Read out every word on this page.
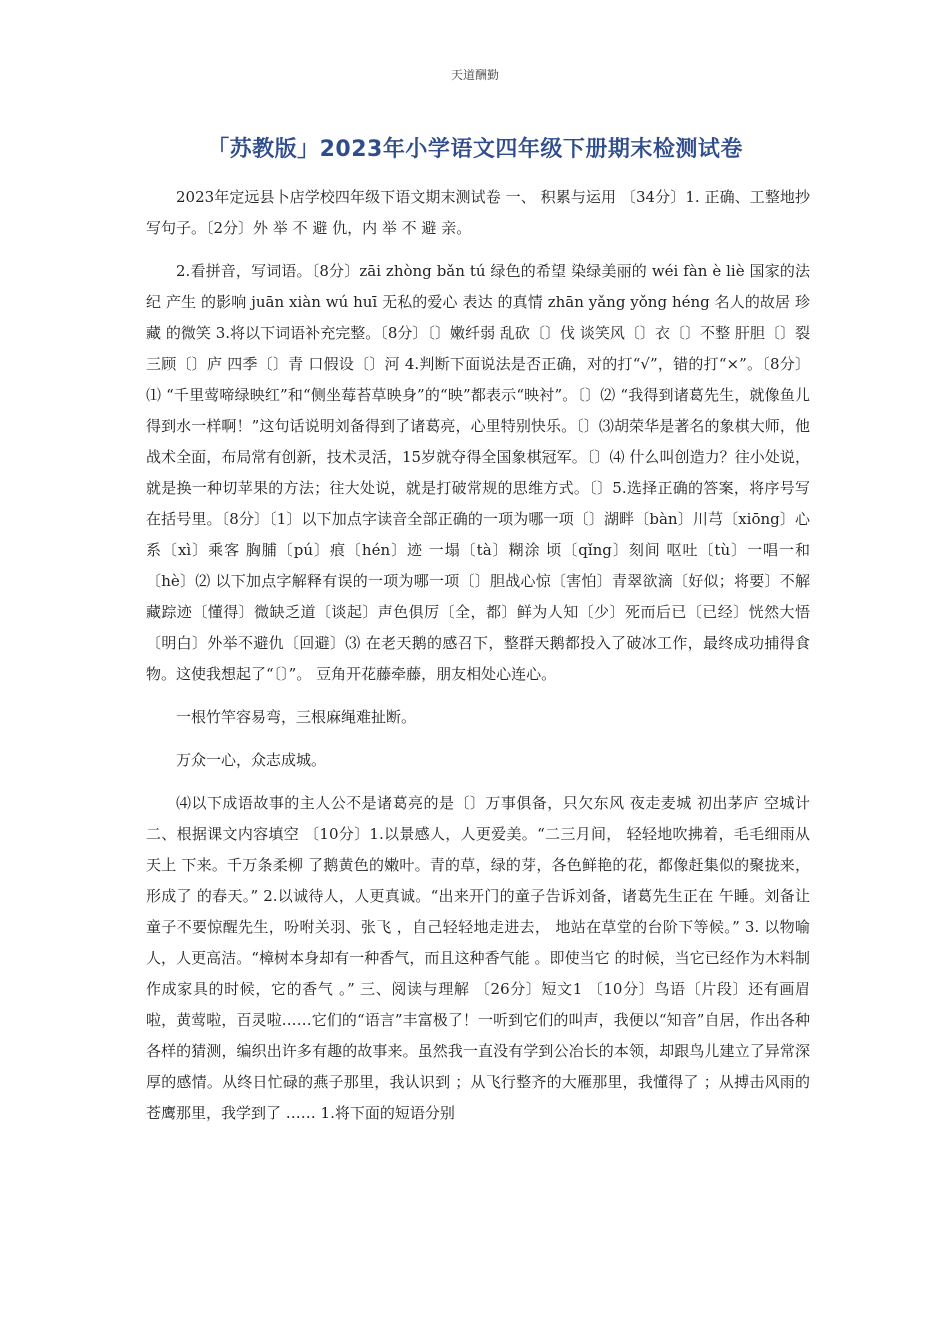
天道酬勤
「苏教版」2023年小学语文四年级下册期末检测试卷

2023年定远县卜店学校四年级下语文期末测试卷 一、 积累与运用 〔34分〕1. 正确、工整地抄写句子。〔2分〕外 举 不 避 仇，内 举 不 避 亲。

2.看拼音，写词语。〔8分〕zāi zhòng bǎn tú 绿色的希望 染绿美丽的 wéi fàn è liè 国家的法纪 产生 的影响 juān xiàn wú huī 无私的爱心 表达 的真情 zhān yǎng yǒng héng 名人的故居 珍藏 的微笑 3.将以下词语补充完整。〔8分〕〔〕嫩纤弱 乱砍〔〕伐 谈笑风〔〕衣〔〕不整 肝胆〔〕裂 三顾〔〕庐 四季〔〕青 口假设〔〕河 4.判断下面说法是否正确，对的打“√”，错的打“×”。〔8分〕⑴ “千里莺啼绿映红”和“侧坐莓苔草映身”的“映”都表示“映衬”。〔〕⑵ “我得到诸葛先生，就像鱼儿得到水一样啊！”这句话说明刘备得到了诸葛亮，心里特别快乐。〔〕⑶胡荣华是著名的象棋大师，他战术全面，布局常有创新，技术灵活，15岁就夺得全国象棋冠军。〔〕⑷ 什么叫创造力？往小处说，就是换一种切苹果的方法；往大处说，就是打破常规的思维方式。〔〕5.选择正确的答案，将序号写在括号里。〔8分〕〔1〕以下加点字读音全部正确的一项为哪一项〔〕湖畔〔bàn〕川芎〔xiōng〕心系〔xì〕乘客 胸脯〔pú〕痕〔hén〕迹 一塌〔tà〕糊涂 顷〔qǐng〕刻间 呕吐〔tù〕一唱一和〔hè〕⑵ 以下加点字解释有误的一项为哪一项〔〕胆战心惊〔害怕〕青翠欲滴〔好似；将要〕不解藏踪迹〔懂得〕微缺乏道〔谈起〕声色俱厉〔全，都〕鲜为人知〔少〕死而后已〔已经〕恍然大悟〔明白〕外举不避仇〔回避〕⑶ 在老天鹅的感召下，整群天鹅都投入了破冰工作，最终成功捕得食物。这使我想起了“〔〕”。 豆角开花藤牵藤，朋友相处心连心。

一根竹竿容易弯，三根麻绳难扯断。

万众一心，众志成城。

⑷以下成语故事的主人公不是诸葛亮的是〔〕万事俱备，只欠东风 夜走麦城 初出茅庐 空城计 二、根据课文内容填空 〔10分〕1.以景感人，人更爱美。“二三月间， 轻轻地吹拂着，毛毛细雨从天上 下来。千万条柔柳 了鹅黄色的嫩叶。青的草，绿的芽，各色鲜艳的花，都像赶集似的聚拢来，形成了 的春天。” 2.以诚待人，人更真诚。“出来开门的童子告诉刘备，诸葛先生正在 午睡。刘备让童子不要惊醒先生，吩咐关羽、张飞 ，自己轻轻地走进去， 地站在草堂的台阶下等候。” 3. 以物喻人，人更高洁。“樟树本身却有一种香气，而且这种香气能 。即使当它 的时候，当它已经作为木料制作成家具的时候，它的香气 。” 三、阅读与理解 〔26分〕短文1 〔10分〕鸟语〔片段〕还有画眉啦，黄莺啦，百灵啦……它们的“语言”丰富极了！一听到它们的叫声，我便以“知音”自居，作出各种各样的猜测，编织出许多有趣的故事来。虽然我一直没有学到公冶长的本领，却跟鸟儿建立了异常深厚的感情。从终日忙碌的燕子那里，我认识到 ；从飞行整齐的大雁那里，我懂得了 ；从搏击风雨的苍鹰那里，我学到了 …… 1.将下面的短语分别
